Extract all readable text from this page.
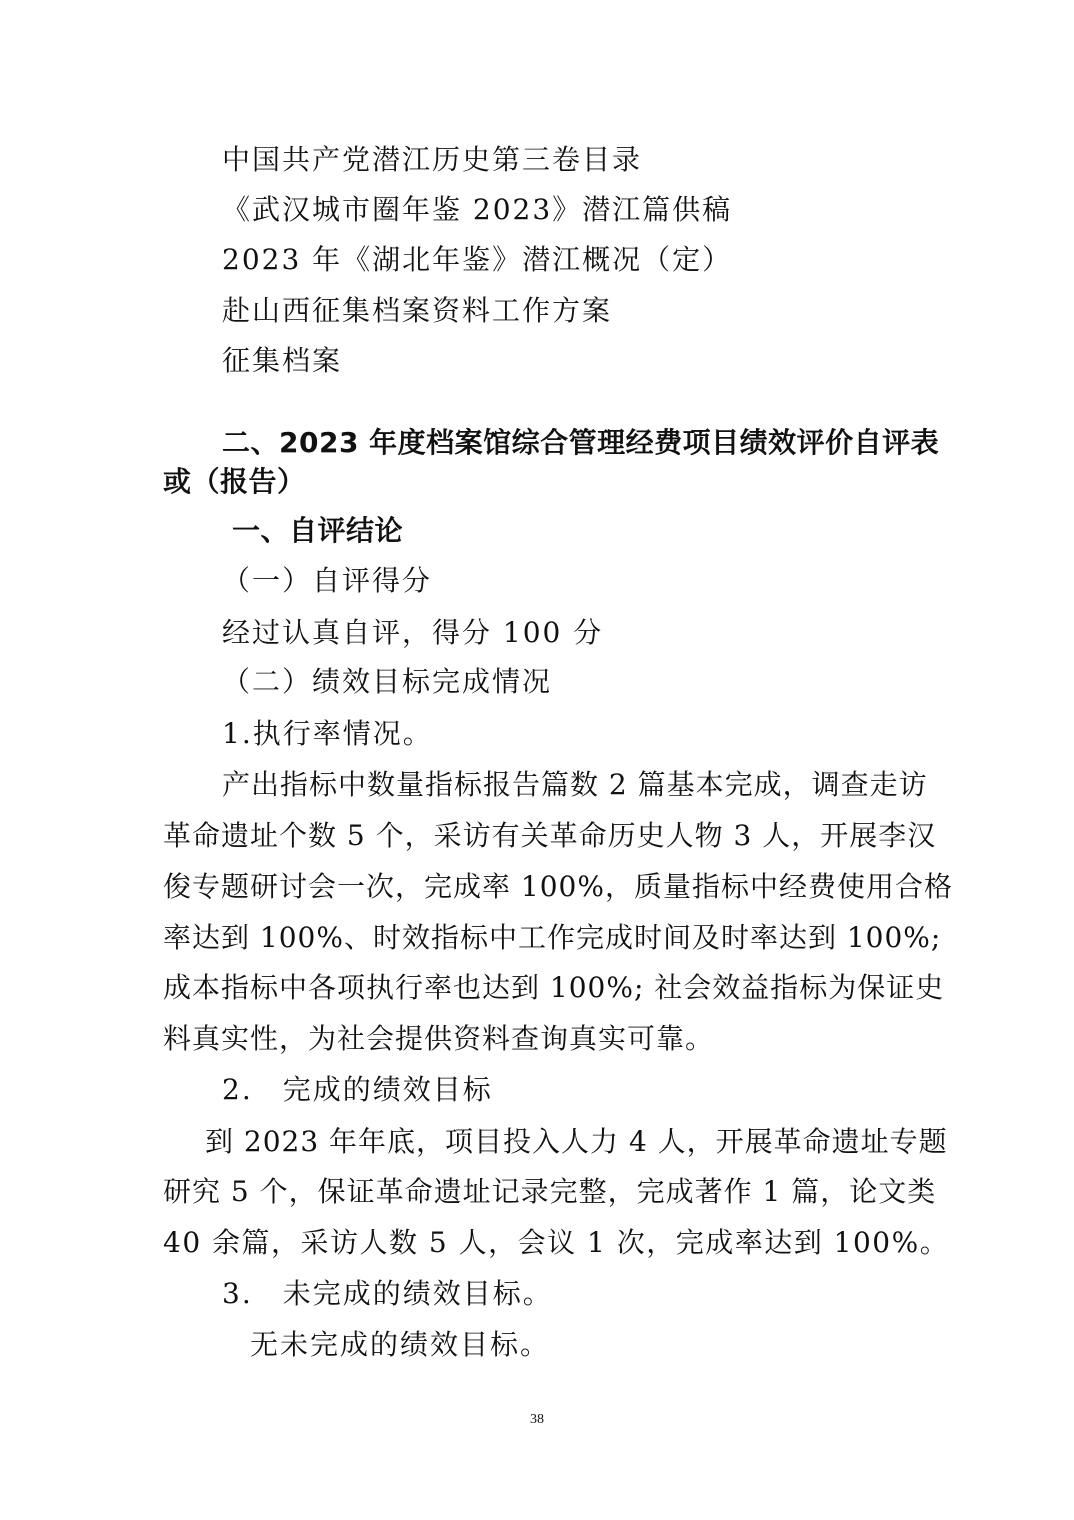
中国共产党潜江历史第三卷目录
《武汉城市圈年鉴 2023》潜江篇供稿
2023 年《湖北年鉴》潜江概况（定）
赴山西征集档案资料工作方案
征集档案
二、2023 年度档案馆综合管理经费项目绩效评价自评表
或（报告）
一、自评结论
（一）自评得分
经过认真自评，得分 100 分
（二）绩效目标完成情况
1.执行率情况。
产出指标中数量指标报告篇数 2 篇基本完成，调查走访
革命遗址个数 5 个，采访有关革命历史人物 3 人，开展李汉
俊专题研讨会一次，完成率 100%，质量指标中经费使用合格
率达到 100%、时效指标中工作完成时间及时率达到 100%;
成本指标中各项执行率也达到 100%; 社会效益指标为保证史
料真实性，为社会提供资料查询真实可靠。
2.　完成的绩效目标
到 2023 年年底，项目投入人力 4 人，开展革命遗址专题
研究 5 个，保证革命遗址记录完整，完成著作 1 篇，论文类
40 余篇，采访人数 5 人，会议 1 次，完成率达到 100%。
3.　未完成的绩效目标。
无未完成的绩效目标。
38
